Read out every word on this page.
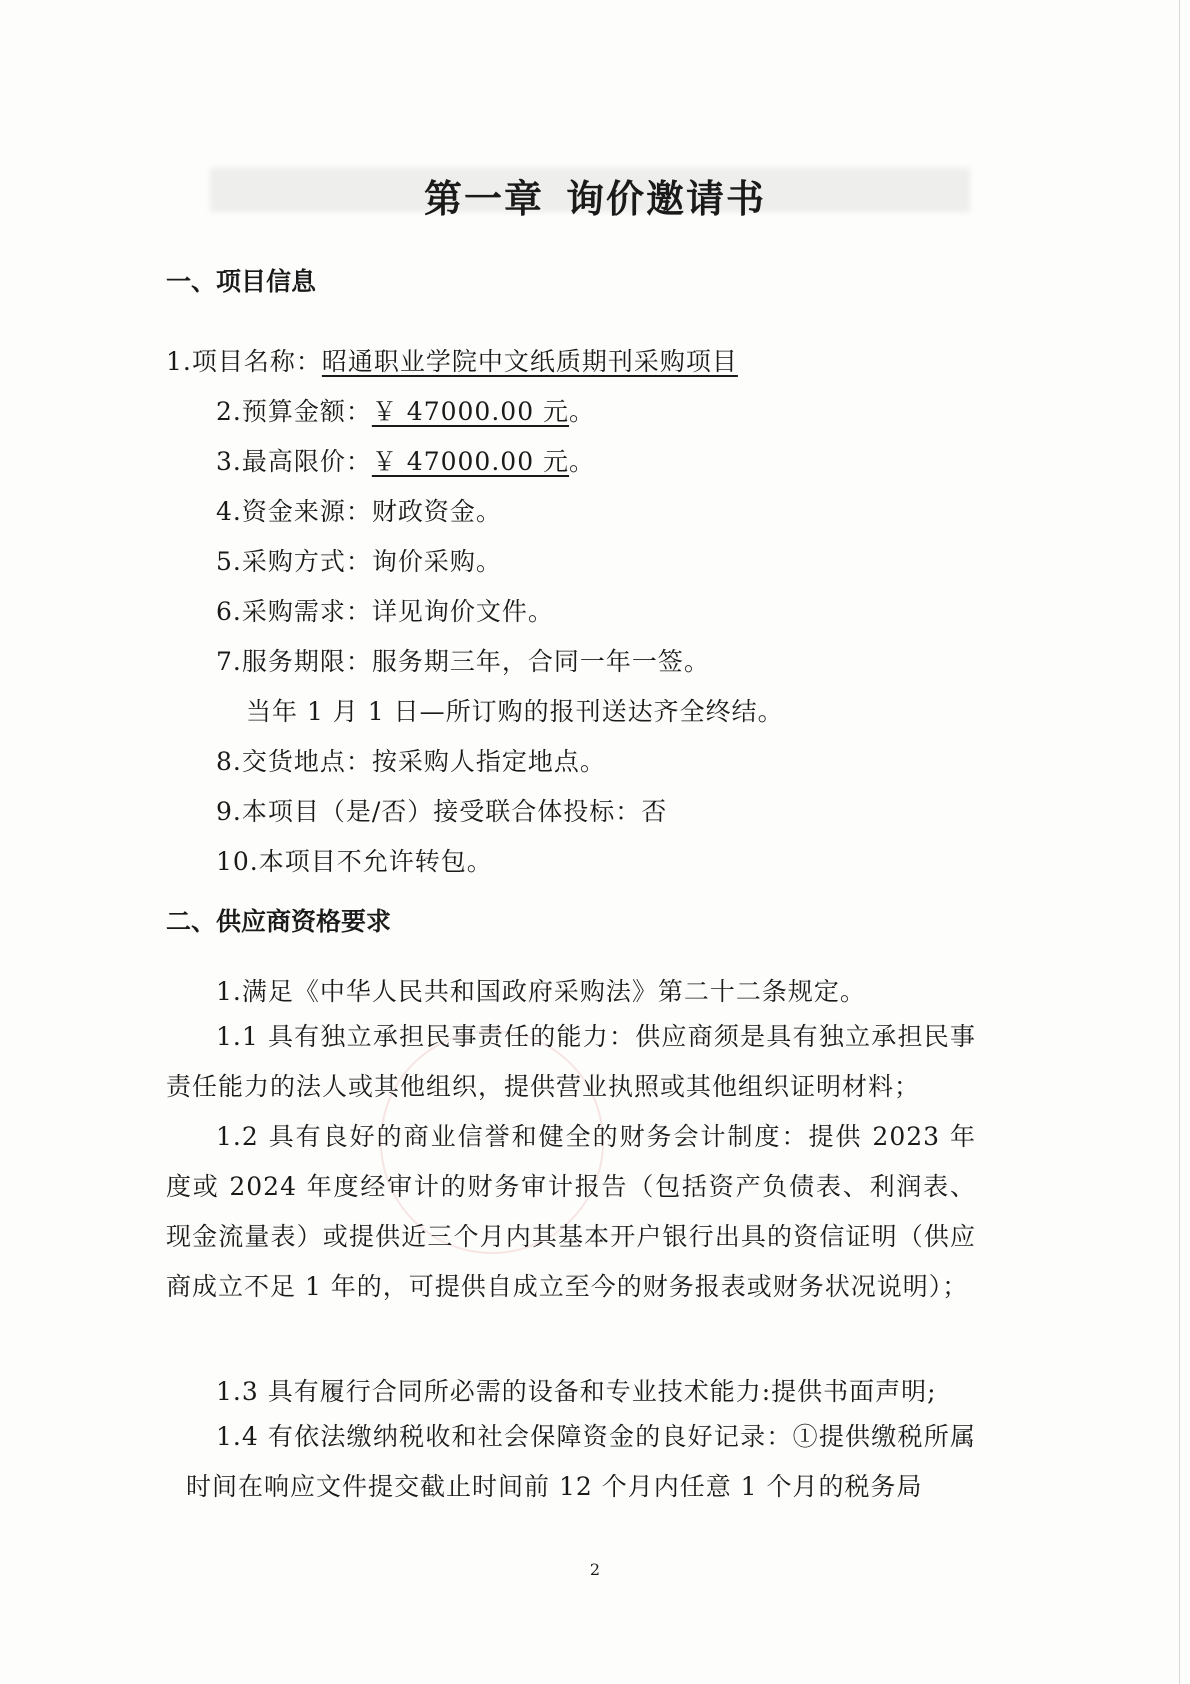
第一章 询价邀请书
一、项目信息
1.项目名称：昭通职业学院中文纸质期刊采购项目
2.预算金额：￥ 47000.00 元。
3.最高限价：￥ 47000.00 元。
4.资金来源：财政资金。
5.采购方式：询价采购。
6.采购需求：详见询价文件。
7.服务期限：服务期三年，合同一年一签。
当年 1 月 1 日—所订购的报刊送达齐全终结。
8.交货地点：按采购人指定地点。
9.本项目（是/否）接受联合体投标：否
10.本项目不允许转包。
二、供应商资格要求
1.满足《中华人民共和国政府采购法》第二十二条规定。

1.1 具有独立承担民事责任的能力：供应商须是具有独立承担民事责任能力的法人或其他组织，提供营业执照或其他组织证明材料；

1.2 具有良好的商业信誉和健全的财务会计制度：提供 2023 年度或 2024 年度经审计的财务审计报告（包括资产负债表、利润表、现金流量表）或提供近三个月内其基本开户银行出具的资信证明（供应商成立不足 1 年的，可提供自成立至今的财务报表或财务状况说明）；

1.3 具有履行合同所必需的设备和专业技术能力:提供书面声明;

1.4 有依法缴纳税收和社会保障资金的良好记录：①提供缴税所属时间在响应文件提交截止时间前 12 个月内任意 1 个月的税务局

2
